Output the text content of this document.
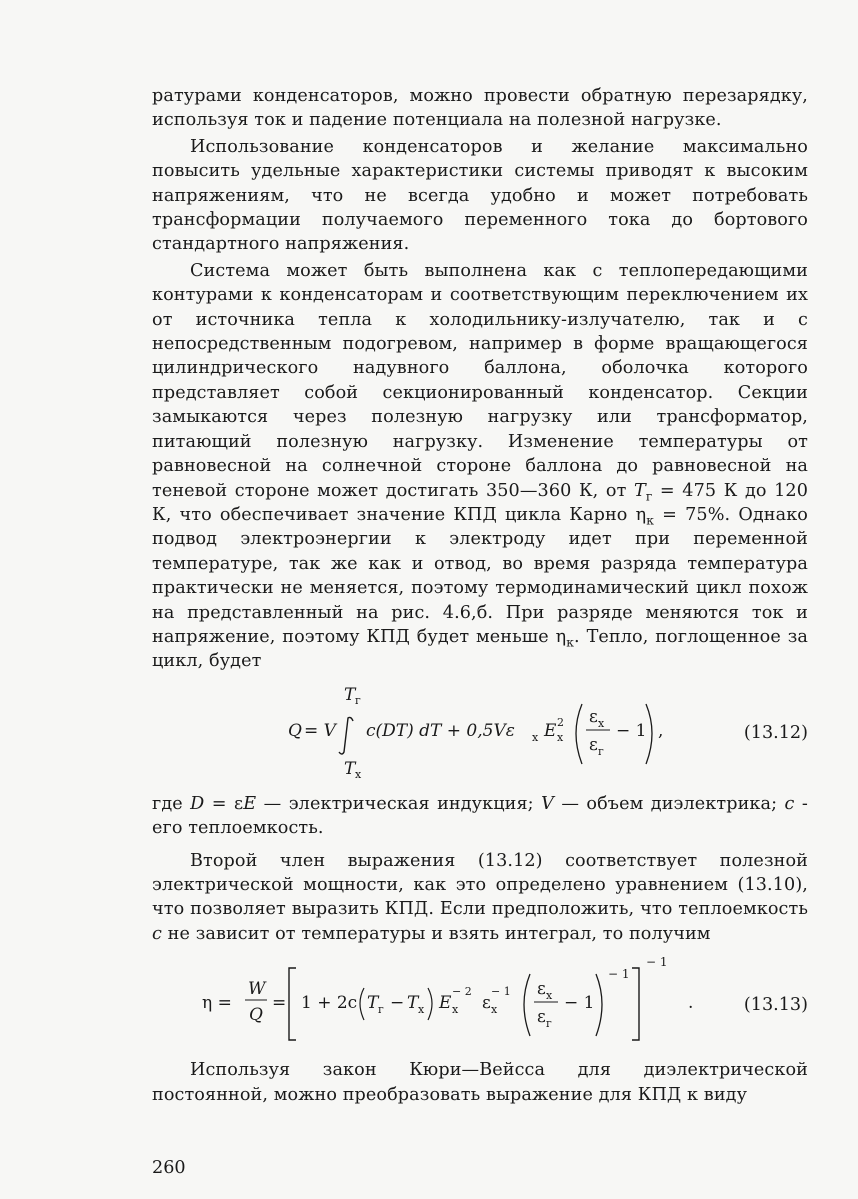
ратурами конденсаторов, можно провести обратную перезарядку, используя ток и падение потенциала на полезной нагрузке.

Использование конденсаторов и желание максимально повысить удельные характеристики системы приводят к высоким напряжениям, что не всегда удобно и может потребовать трансформации получаемого переменного тока до бортового стандартного напряжения.

Система может быть выполнена как с теплопередающими контурами к конденсаторам и соответствующим переключением их от источника тепла к холодильнику-излучателю, так и с непосредственным подогревом, например в форме вращающегося цилиндрического надувного баллона, оболочка которого представляет собой секционированный конденсатор. Секции замыкаются через полезную нагрузку или трансформатор, питающий полезную нагрузку. Изменение температуры от равновесной на солнечной стороне баллона до равновесной на теневой стороне может достигать 350—360 К, от $T_г = 475$ К до 120 К, что обеспечивает значение КПД цикла Карно $\eta_к = 75\%$. Однако подвод электроэнергии к электроду идет при переменной температуре, так же как и отвод, во время разряда температура практически не меняется, поэтому термодинамический цикл похож на представленный на рис. 4.6,б. При разряде меняются ток и напряжение, поэтому КПД будет меньше $\eta_к$. Тепло, поглощенное за цикл, будет

T г
Q = V
T х
c(DT) dT + 0,5Vε х E 2
х
ε х
ε г
− 1 ,	(13.12)

где D = εE — электрическая индукция; V — объем диэлектрика; c - его теплоемкость.

Второй член выражения (13.12) соответствует полезной электрической мощности, как это определено уравнением (13.10), что позволяет выразить КПД. Если предположить, что теплоемкость c не зависит от температуры и взять интеграл, то получим

η =
W
Q
= 1 + 2c T г − T х E
− 2
х ε
− 1
х
ε х
ε г
− 1
− 1
− 1
.	(13.13)

Используя закон Кюри—Вейсса для диэлектрической постоянной, можно преобразовать выражение для КПД к виду

260
